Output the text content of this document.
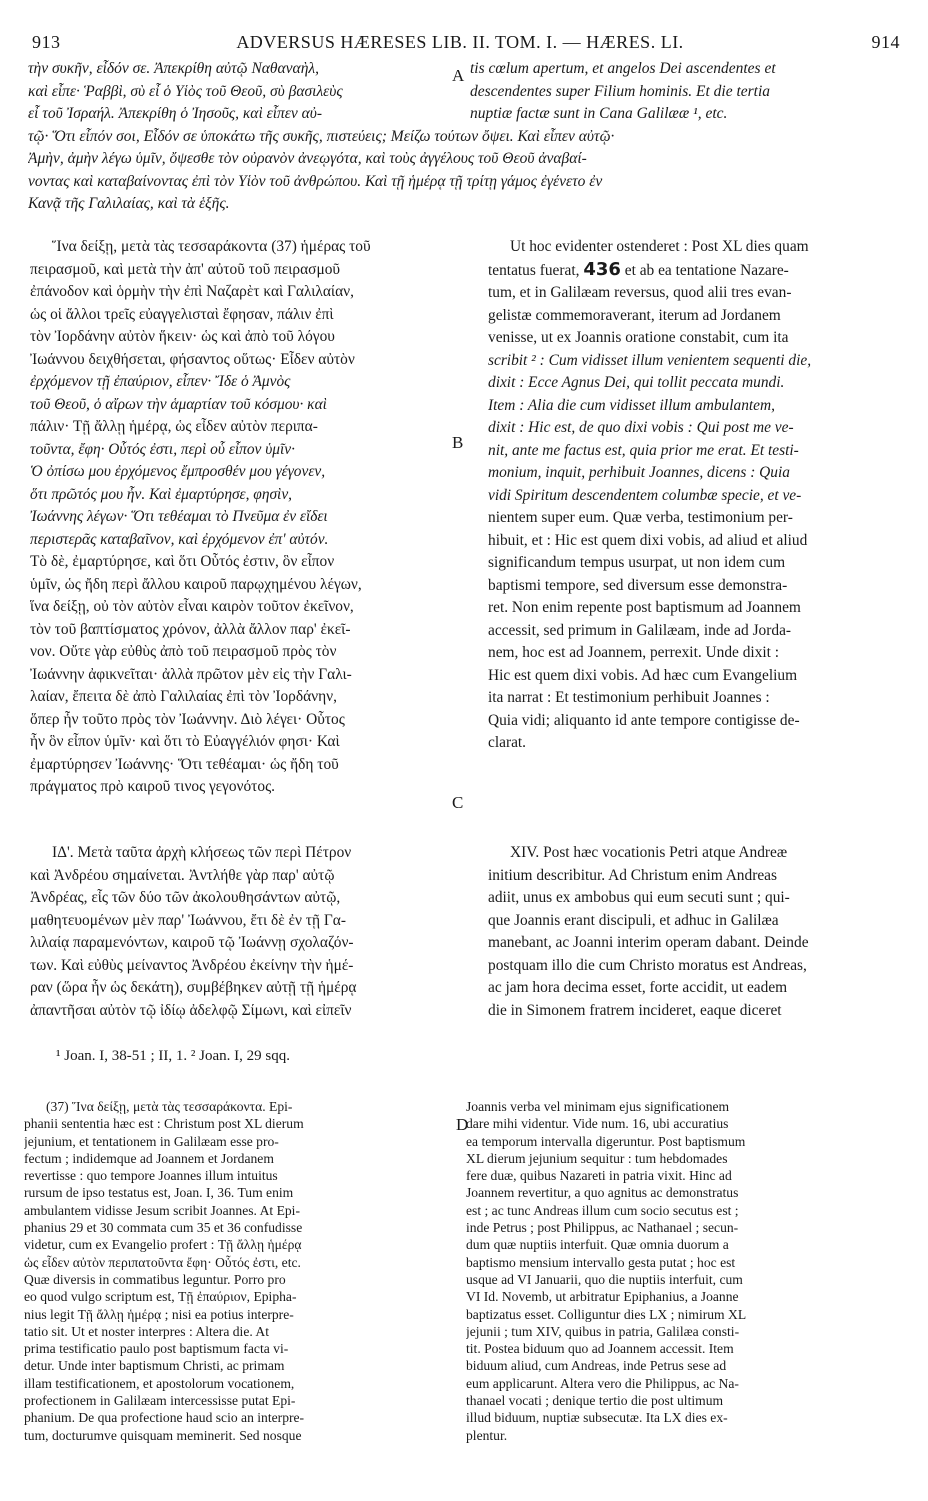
913	ADVERSUS HÆRESES LIB. II. TOM. I. — HÆRES. LI.	914
τὴν συκῆν, εἶδόν σε. Ἀπεκρίθη αὐτῷ Ναθαναὴλ,
καὶ εἶπε· Ῥαββὶ, σὺ εἶ ὁ Υἱὸς τοῦ Θεοῦ, σὺ βασιλεὺς
εἶ τοῦ Ἰσραήλ. Ἀπεκρίθη ὁ Ἰησοῦς, καὶ εἶπεν αὐ-
τῷ· Ὅτι εἶπόν σοι, Εἶδόν σε ὑποκάτω τῆς συκῆς, πιστεύεις; Μείζω τούτων ὄψει. Καὶ εἶπεν αὐτῷ·
Ἀμὴν, ἀμὴν λέγω ὑμῖν, ὄψεσθε τὸν οὐρανὸν ἀνεῳγότα, καὶ τοὺς ἀγγέλους τοῦ Θεοῦ ἀναβαί-
νοντας καὶ καταβαίνοντας ἐπὶ τὸν Υἱὸν τοῦ ἀνθρώπου. Καὶ τῇ ἡμέρᾳ τῇ τρίτῃ γάμος ἐγένετο ἐν
Κανᾷ τῆς Γαλιλαίας, καὶ τὰ ἑξῆς.
tis cœlum apertum, et angelos Dei ascendentes et
descendentes super Filium hominis. Et die tertia
nuptiæ factæ sunt in Cana Galilææ ¹, etc.
A
Ἵνα δείξῃ, μετὰ τὰς τεσσαράκοντα (37) ἡμέρας τοῦ
πειρασμοῦ, καὶ μετὰ τὴν ἀπ' αὐτοῦ τοῦ πειρασμοῦ
ἐπάνοδον καὶ ὁρμὴν τὴν ἐπὶ Ναζαρὲτ καὶ Γαλιλαίαν,
ὡς οἱ ἄλλοι τρεῖς εὐαγγελισταὶ ἔφησαν, πάλιν ἐπὶ
τὸν Ἰορδάνην αὐτὸν ἥκειν· ὡς καὶ ἀπὸ τοῦ λόγου
Ἰωάννου δειχθήσεται, φήσαντος οὕτως· Εἶδεν αὐτὸν
ἐρχόμενον τῇ ἐπαύριον, εἶπεν· Ἴδε ὁ Ἀμνὸς
τοῦ Θεοῦ, ὁ αἴρων τὴν ἁμαρτίαν τοῦ κόσμου· καὶ
πάλιν· Τῇ ἄλλῃ ἡμέρᾳ, ὡς εἶδεν αὐτὸν περιπα-
τοῦντα, ἔφη· Οὗτός ἐστι, περὶ οὗ εἶπον ὑμῖν·
Ὁ ὀπίσω μου ἐρχόμενος ἔμπροσθέν μου γέγονεν,
ὅτι πρῶτός μου ἦν. Καὶ ἐμαρτύρησε, φησὶν,
Ἰωάννης λέγων· Ὅτι τεθέαμαι τὸ Πνεῦμα ἐν εἴδει
περιστερᾶς καταβαῖνον, καὶ ἐρχόμενον ἐπ' αὐτόν.
Τὸ δὲ, ἐμαρτύρησε, καὶ ὅτι Οὗτός ἐστιν, ὃν εἶπον
ὑμῖν, ὡς ἤδη περὶ ἄλλου καιροῦ παρῳχημένου λέγων,
ἵνα δείξῃ, οὐ τὸν αὐτὸν εἶναι καιρὸν τοῦτον ἐκεῖνον,
τὸν τοῦ βαπτίσματος χρόνον, ἀλλὰ ἄλλον παρ' ἐκεῖ-
νον. Οὔτε γὰρ εὐθὺς ἀπὸ τοῦ πειρασμοῦ πρὸς τὸν
Ἰωάννην ἀφικνεῖται· ἀλλὰ πρῶτον μὲν εἰς τὴν Γαλι-
λαίαν, ἔπειτα δὲ ἀπὸ Γαλιλαίας ἐπὶ τὸν Ἰορδάνην,
ὅπερ ἦν τοῦτο πρὸς τὸν Ἰωάννην. Διὸ λέγει· Οὗτος
ἦν ὃν εἶπον ὑμῖν· καὶ ὅτι τὸ Εὐαγγέλιόν φησι· Καὶ
ἐμαρτύρησεν Ἰωάννης· Ὅτι τεθέαμαι· ὡς ἤδη τοῦ
πράγματος πρὸ καιροῦ τινος γεγονότος.
Ut hoc evidenter ostenderet : Post XL dies quam
tentatus fuerat, 436 et ab ea tentatione Nazare-
tum, et in Galilæam reversus, quod alii tres evan-
gelistæ commemoraverant, iterum ad Jordanem
venisse, ut ex Joannis oratione constabit, cum ita
scribit ² : Cum vidisset illum venientem sequenti die,
dixit : Ecce Agnus Dei, qui tollit peccata mundi.
Item : Alia die cum vidisset illum ambulantem,
dixit : Hic est, de quo dixi vobis : Qui post me ve-
nit, ante me factus est, quia prior me erat. Et testi-
monium, inquit, perhibuit Joannes, dicens : Quia
vidi Spiritum descendentem columbæ specie, et ve-
nientem super eum. Quæ verba, testimonium per-
hibuit, et : Hic est quem dixi vobis, ad aliud et aliud
significandum tempus usurpat, ut non idem cum
baptismi tempore, sed diversum esse demonstra-
ret. Non enim repente post baptismum ad Joannem
accessit, sed primum in Galilæam, inde ad Jorda-
nem, hoc est ad Joannem, perrexit. Unde dixit :
Hic est quem dixi vobis. Ad hæc cum Evangelium
ita narrat : Et testimonium perhibuit Joannes :
Quia vidi; aliquanto id ante tempore contigisse de-
clarat.
B
C
ΙΔ'. Μετὰ ταῦτα ἀρχὴ κλήσεως τῶν περὶ Πέτρον
καὶ Ἀνδρέου σημαίνεται. Ἀντλήθε γὰρ παρ' αὐτῷ
Ἀνδρέας, εἷς τῶν δύο τῶν ἀκολουθησάντων αὐτῷ,
μαθητευομένων μὲν παρ' Ἰωάννου, ἔτι δὲ ἐν τῇ Γα-
λιλαίᾳ παραμενόντων, καιροῦ τῷ Ἰωάννῃ σχολαζόν-
των. Καὶ εὐθὺς μείναντος Ἀνδρέου ἐκείνην τὴν ἡμέ-
ραν (ὥρα ἦν ὡς δεκάτη), συμβέβηκεν αὐτῇ τῇ ἡμέρᾳ
ἀπαντῆσαι αὐτὸν τῷ ἰδίῳ ἀδελφῷ Σίμωνι, καὶ εἰπεῖν
XIV. Post hæc vocationis Petri atque Andreæ
initium describitur. Ad Christum enim Andreas
adiit, unus ex ambobus qui eum secuti sunt ; qui-
que Joannis erant discipuli, et adhuc in Galilæa
manebant, ac Joanni interim operam dabant. Deinde
postquam illo die cum Christo moratus est Andreas,
ac jam hora decima esset, forte accidit, ut eadem
die in Simonem fratrem incideret, eaque diceret
¹ Joan. I, 38-51 ; II, 1. ² Joan. I, 29 sqq.
(37) Ἵνα δείξῃ, μετὰ τὰς τεσσαράκοντα. Epi-
phanii sententia hæc est : Christum post XL dierum
jejunium, et tentationem in Galilæam esse pro-
fectum ; indidemque ad Joannem et Jordanem
revertisse : quo tempore Joannes illum intuitus
rursum de ipso testatus est, Joan. I, 36. Tum enim
ambulantem vidisse Jesum scribit Joannes. At Epi-
phanius 29 et 30 commata cum 35 et 36 confudisse
videtur, cum ex Evangelio profert : Τῇ ἄλλῃ ἡμέρᾳ
ὡς εἶδεν αὐτὸν περιπατοῦντα ἔφη· Οὗτός ἐστι, etc.
Quæ diversis in commatibus leguntur. Porro pro
eo quod vulgo scriptum est, Τῇ ἐπαύριον, Epipha-
nius legit Τῇ ἄλλῃ ἡμέρᾳ ; nisi ea potius interpre-
tatio sit. Ut et noster interpres : Altera die. At
prima testificatio paulo post baptismum facta vi-
detur. Unde inter baptismum Christi, ac primam
illam testificationem, et apostolorum vocationem,
profectionem in Galilæam intercessisse putat Epi-
phanium. De qua profectione haud scio an interpre-
tum, docturumve quisquam meminerit. Sed nosque
D
Joannis verba vel minimam ejus significationem
dare mihi videntur. Vide num. 16, ubi accuratius
ea temporum intervalla digeruntur. Post baptismum
XL dierum jejunium sequitur : tum hebdomades
fere duæ, quibus Nazareti in patria vixit. Hinc ad
Joannem revertitur, a quo agnitus ac demonstratus
est ; ac tunc Andreas illum cum socio secutus est ;
inde Petrus ; post Philippus, ac Nathanael ; secun-
dum quæ nuptiis interfuit. Quæ omnia duorum a
baptismo mensium intervallo gesta putat ; hoc est
usque ad VI Januarii, quo die nuptiis interfuit, cum
VI Id. Novemb, ut arbitratur Epiphanius, a Joanne
baptizatus esset. Colliguntur dies LX ; nimirum XL
jejunii ; tum XIV, quibus in patria, Galilæa consti-
tit. Postea biduum quo ad Joannem accessit. Item
biduum aliud, cum Andreas, inde Petrus sese ad
eum applicarunt. Altera vero die Philippus, ac Na-
thanael vocati ; denique tertio die post ultimum
illud biduum, nuptiæ subsecutæ. Ita LX dies ex-
plentur.
